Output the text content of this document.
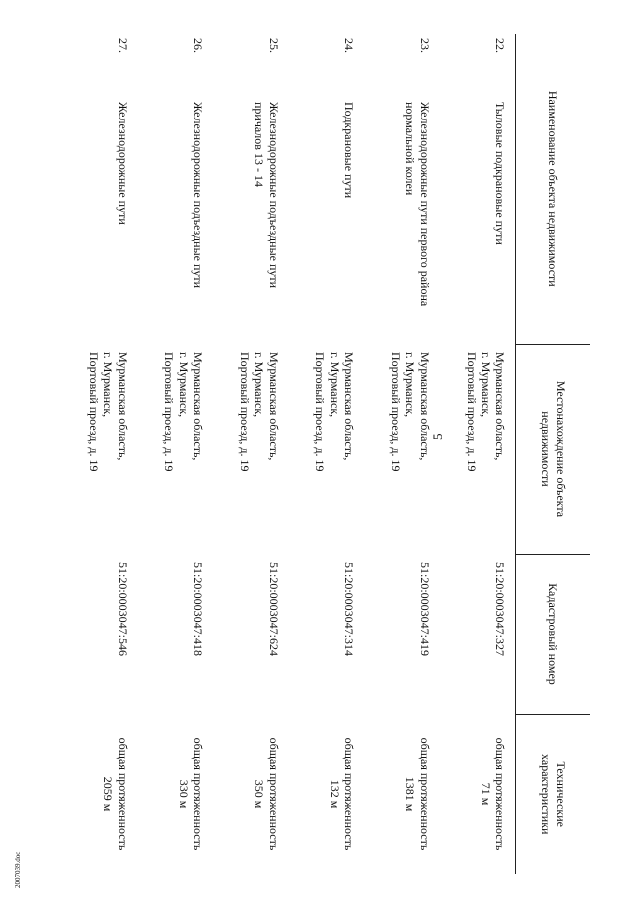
5
2007039.doc
Наименование объекта недвижимости		Местонахождение объекта недвижимости	Кадастровый номер	Технические характеристики
22.	Тыловые подкрановые пути	Мурманская область,
г. Мурманск,
Портовый проезд, д. 19	51:20:0003047:327	общая протяженность
71 м

23.	Железнодорожные пути первого района нормальной колеи	Мурманская область,
г. Мурманск,
Портовый проезд, д. 19	51:20:0003047:419	общая протяженность
1381 м

24.	Подкрановые пути	Мурманская область,
г. Мурманск,
Портовый проезд, д. 19	51:20:0003047:314	общая протяженность
132 м

25.	Железнодорожные подъездные пути причалов 13 - 14	Мурманская область,
г. Мурманск,
Портовый проезд, д. 19	51:20:0003047:624	общая протяженность
350 м

26.	Железнодорожные подъездные пути	Мурманская область,
г. Мурманск,
Портовый проезд, д. 19	51:20:0003047:418	общая протяженность
330 м

27.	Железнодорожные пути	Мурманская область,
г. Мурманск,
Портовый проезд, д. 19	51:20:0003047:546	общая протяженность
2059 м
